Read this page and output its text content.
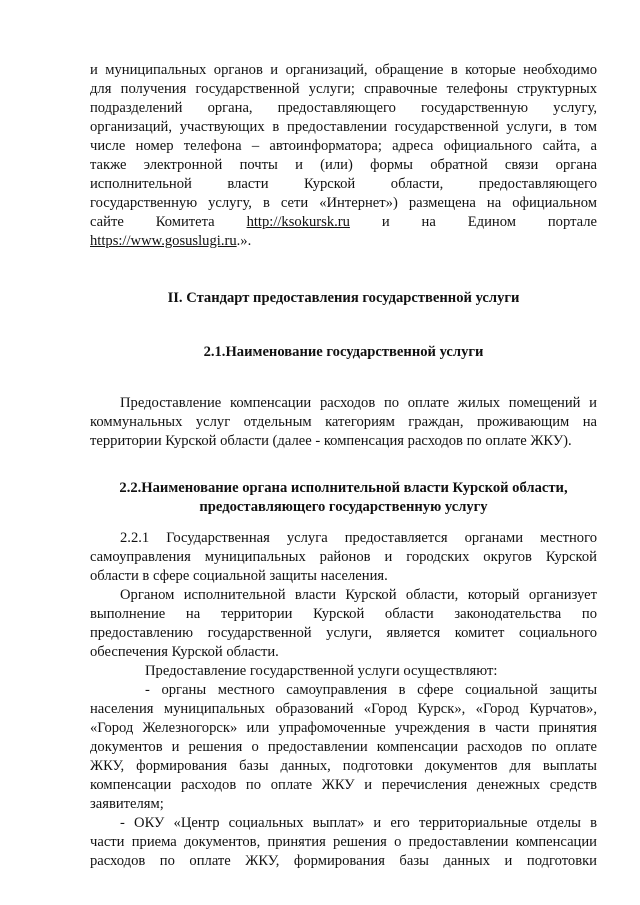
и муниципальных органов и организаций, обращение в которые необходимо
для получения государственной услуги; справочные телефоны структурных
подразделений органа, предоставляющего государственную услугу,
организаций, участвующих в предоставлении государственной услуги, в том
числе номер телефона – автоинформатора; адреса официального сайта, а
также электронной почты и (или) формы обратной связи органа
исполнительной власти Курской области, предоставляющего
государственную услугу, в сети «Интернет») размещена на официальном
сайте Комитета http://ksokursk.ru и на Едином портале
https://www.gosuslugi.ru.».
II. Стандарт предоставления государственной услуги
2.1.Наименование государственной услуги
Предоставление компенсации расходов по оплате жилых помещений и
коммунальных услуг отдельным категориям граждан, проживающим на
территории Курской области (далее - компенсация расходов по оплате ЖКУ).
2.2.Наименование органа исполнительной власти Курской области,
предоставляющего государственную услугу
2.2.1 Государственная услуга предоставляется органами местного
самоуправления муниципальных районов и городских округов Курской
области в сфере социальной защиты населения.
Органом исполнительной власти Курской области, который организует
выполнение на территории Курской области законодательства по
предоставлению государственной услуги, является комитет социального
обеспечения Курской области.
Предоставление государственной услуги осуществляют:
- органы местного самоуправления в сфере социальной защиты
населения муниципальных образований «Город Курск», «Город Курчатов»,
«Город Железногорск» или упрафомоченные учреждения в части принятия
документов и решения о предоставлении компенсации расходов по оплате
ЖКУ, формирования базы данных, подготовки документов для выплаты
компенсации расходов по оплате ЖКУ и перечисления денежных средств
заявителям;
- ОКУ «Центр социальных выплат» и его территориальные отделы в
части приема документов, принятия решения о предоставлении компенсации
расходов по оплате ЖКУ, формирования базы данных и подготовки
